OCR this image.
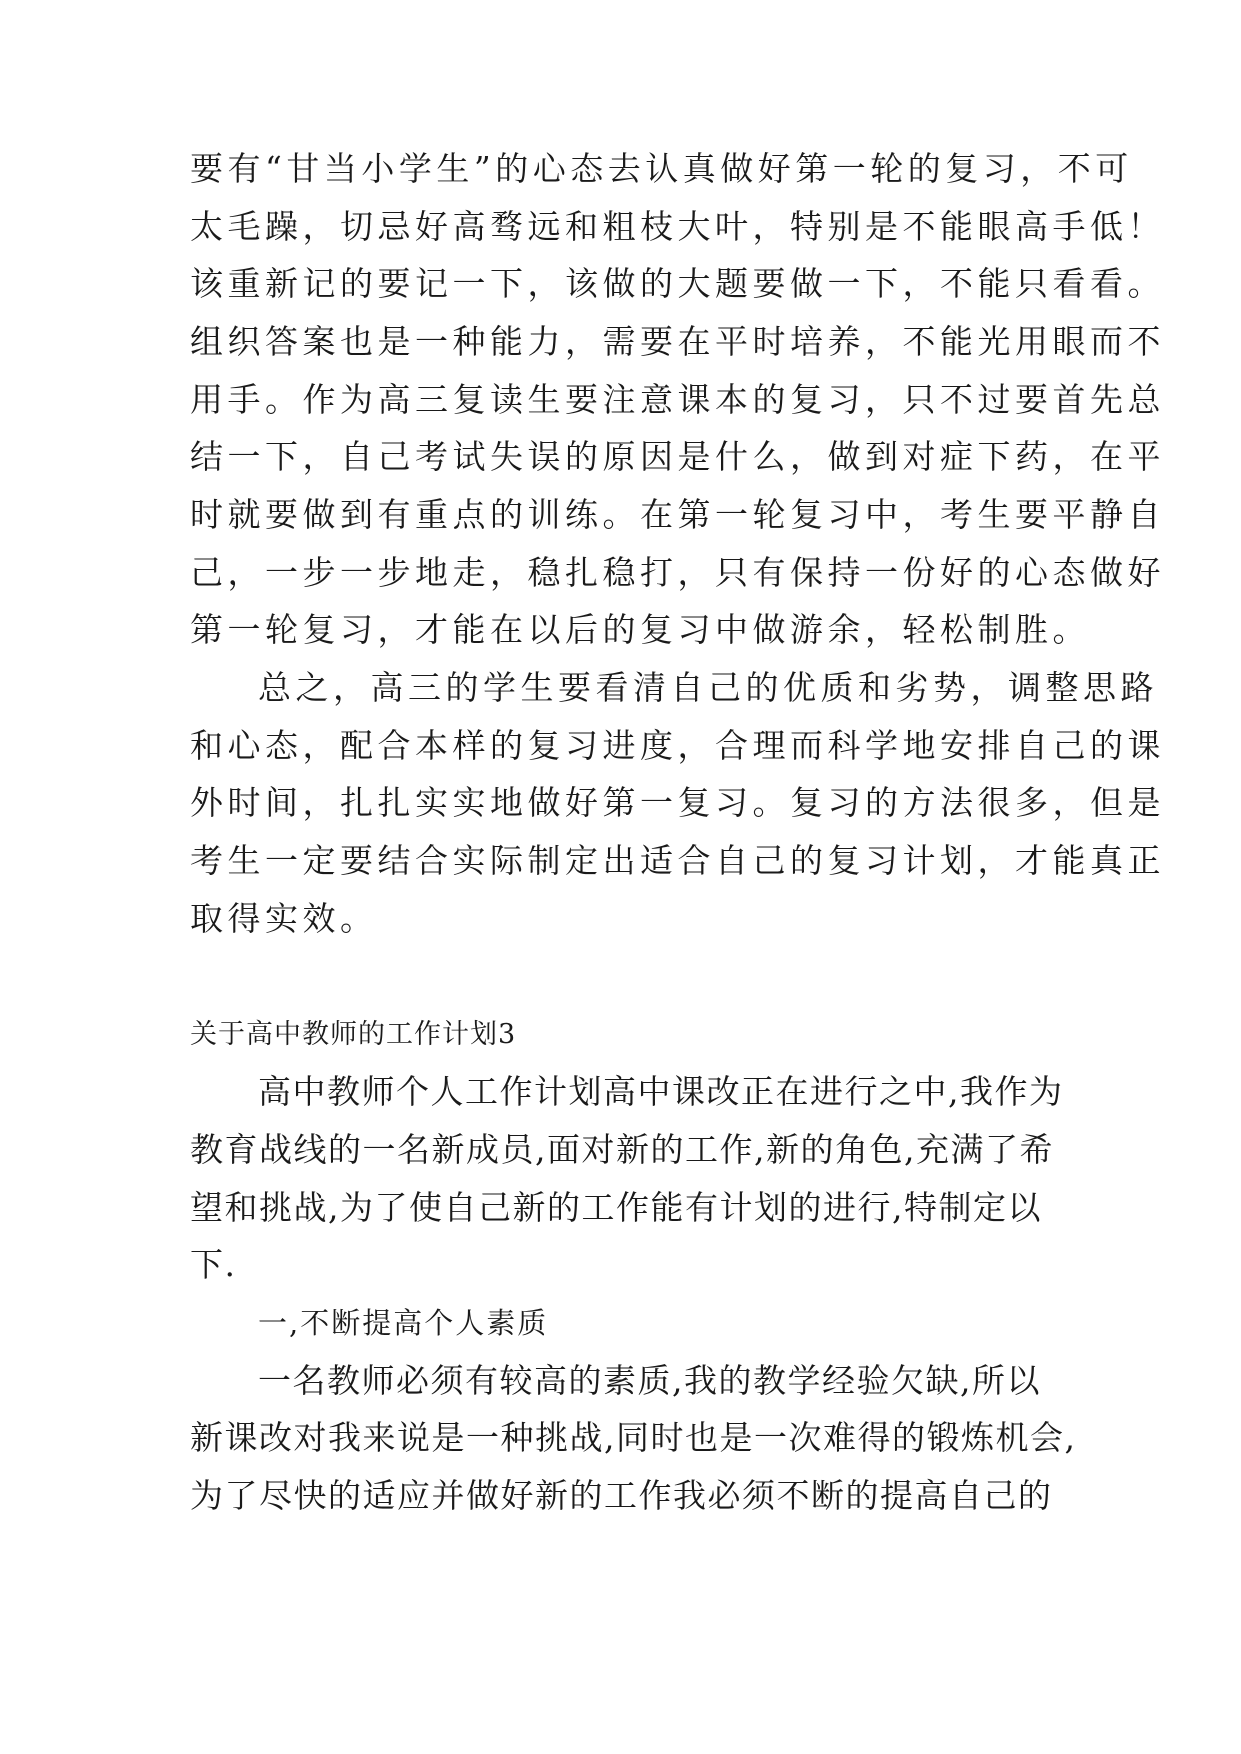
要有“甘当小学生”的心态去认真做好第一轮的复习，不可
太毛躁，切忌好高骛远和粗枝大叶，特别是不能眼高手低！
该重新记的要记一下，该做的大题要做一下，不能只看看。
组织答案也是一种能力，需要在平时培养，不能光用眼而不
用手。作为高三复读生要注意课本的复习，只不过要首先总
结一下，自己考试失误的原因是什么，做到对症下药，在平
时就要做到有重点的训练。在第一轮复习中，考生要平静自
己，一步一步地走，稳扎稳打，只有保持一份好的心态做好
第一轮复习，才能在以后的复习中做游余，轻松制胜。
总之，高三的学生要看清自己的优质和劣势，调整思路
和心态，配合本样的复习进度，合理而科学地安排自己的课
外时间，扎扎实实地做好第一复习。复习的方法很多，但是
考生一定要结合实际制定出适合自己的复习计划，才能真正
取得实效。
关于高中教师的工作计划3
高中教师个人工作计划高中课改正在进行之中,我作为
教育战线的一名新成员,面对新的工作,新的角色,充满了希
望和挑战,为了使自己新的工作能有计划的进行,特制定以
下.
一,不断提高个人素质
一名教师必须有较高的素质,我的教学经验欠缺,所以
新课改对我来说是一种挑战,同时也是一次难得的锻炼机会,
为了尽快的适应并做好新的工作我必须不断的提高自己的
